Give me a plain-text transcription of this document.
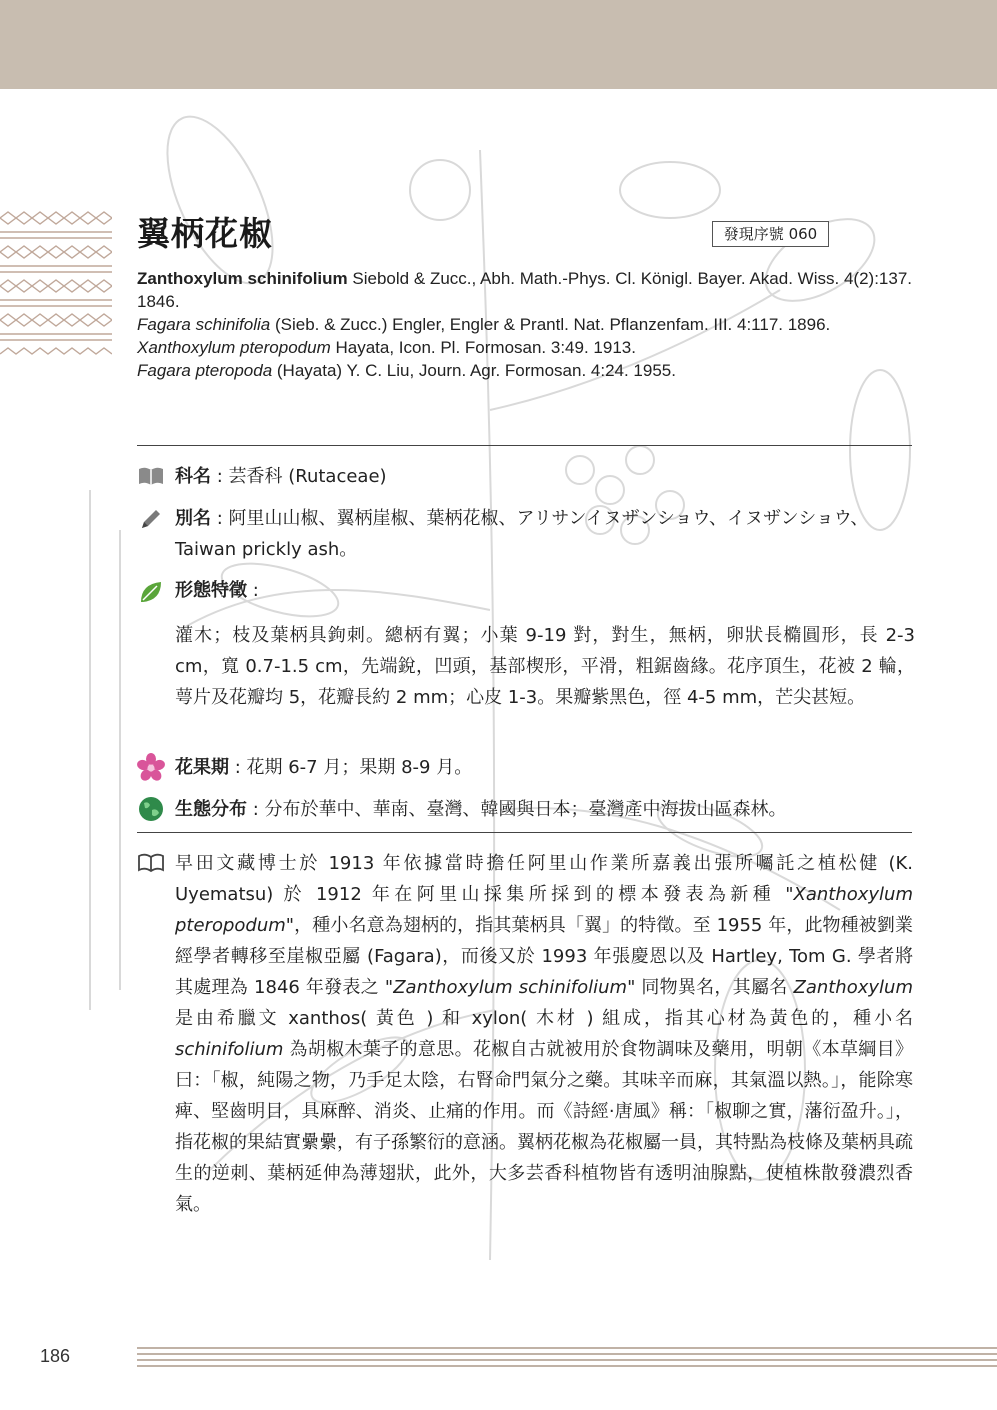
翼柄花椒	發現序號 060

Zanthoxylum schinifolium Siebold & Zucc., Abh. Math.-Phys. Cl. Königl. Bayer. Akad. Wiss. 4(2):137. 1846.

Fagara schinifolia (Sieb. & Zucc.) Engler, Engler & Prantl. Nat. Pflanzenfam. III. 4:117. 1896.

Xanthoxylum pteropodum Hayata, Icon. Pl. Formosan. 3:49. 1913.

Fagara pteropoda (Hayata) Y. C. Liu, Journ. Agr. Formosan. 4:24. 1955.

科名 : 芸香科 (Rutaceae)
別名 : 阿里山山椒、翼柄崖椒、葉柄花椒、アリサンイヌザンショウ、イヌザンショウ、Taiwan prickly ash。
形態特徵 :
灌木；枝及葉柄具鉤刺。總柄有翼；小葉 9-19 對，對生，無柄，卵狀長橢圓形，長 2-3 cm，寬 0.7-1.5 cm，先端銳，凹頭，基部楔形，平滑，粗鋸齒緣。花序頂生，花被 2 輪，萼片及花瓣均 5，花瓣長約 2 mm；心皮 1-3。果瓣紫黑色，徑 4-5 mm，芒尖甚短。
花果期 : 花期 6-7 月；果期 8-9 月。
生態分布 : 分布於華中、華南、臺灣、韓國與日本；臺灣產中海拔山區森林。

早田文藏博士於 1913 年依據當時擔任阿里山作業所嘉義出張所囑託之植松健 (K. Uyematsu) 於 1912 年在阿里山採集所採到的標本發表為新種 "Xanthoxylum pteropodum"，種小名意為翅柄的，指其葉柄具「翼」的特徵。至 1955 年，此物種被劉業經學者轉移至崖椒亞屬 (Fagara)，而後又於 1993 年張慶恩以及 Hartley, Tom G. 學者將其處理為 1846 年發表之 "Zanthoxylum schinifolium" 同物異名，其屬名 Zanthoxylum 是由希臘文 xanthos( 黃色 ) 和 xylon( 木材 ) 組成，指其心材為黃色的，種小名 schinifolium 為胡椒木葉子的意思。花椒自古就被用於食物調味及藥用，明朝《本草綱目》曰：「椒，純陽之物，乃手足太陰，右腎命門氣分之藥。其味辛而麻，其氣溫以熱。」，能除寒痺、堅齒明目，具麻醉、消炎、止痛的作用。而《詩經·唐風》稱：「椒聊之實，藩衍盈升。」，指花椒的果結實纍纍，有子孫繁衍的意涵。翼柄花椒為花椒屬一員，其特點為枝條及葉柄具疏生的逆刺、葉柄延伸為薄翅狀，此外，大多芸香科植物皆有透明油腺點，使植株散發濃烈香氣。

186
